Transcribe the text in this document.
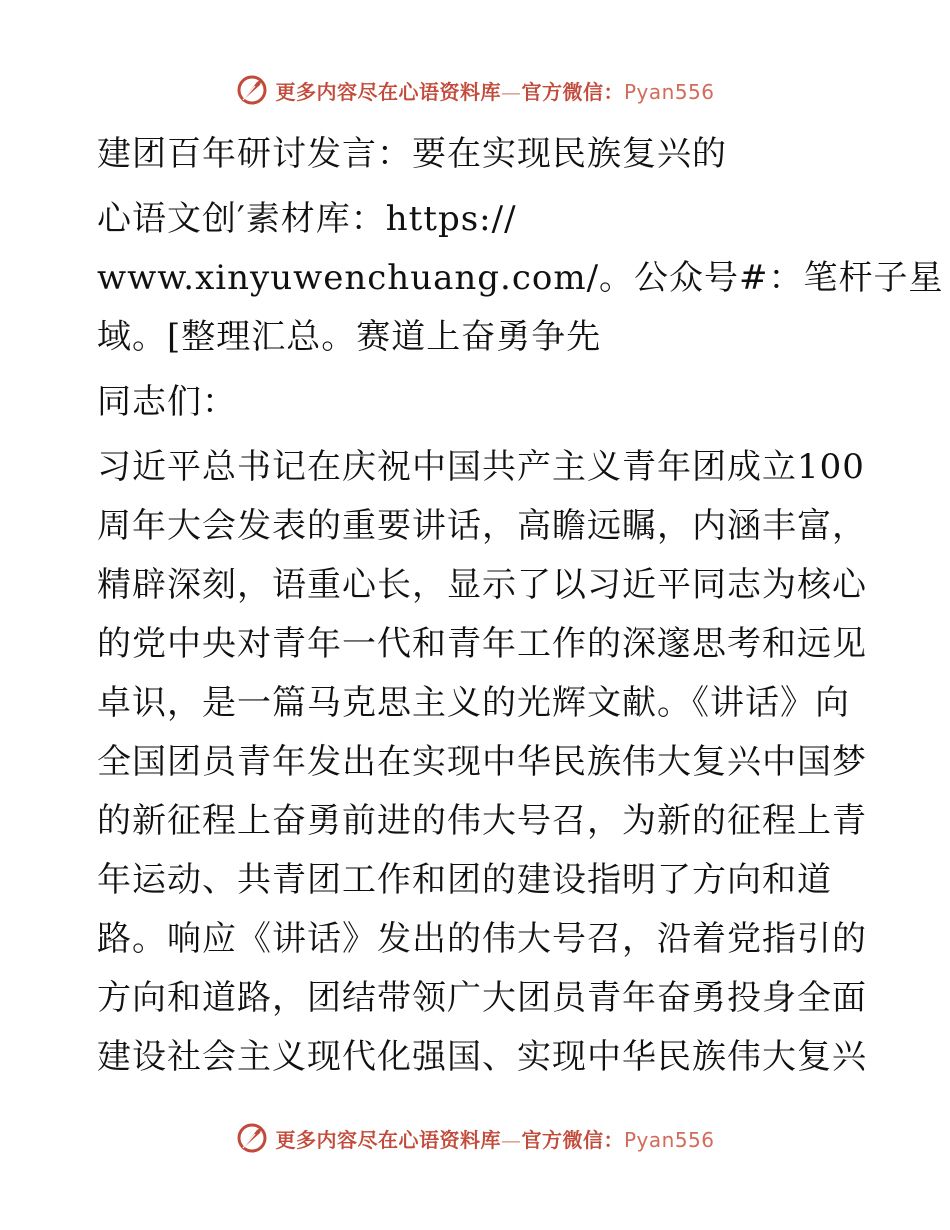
更多内容尽在心语资料库—官方微信：Pyan556
建团百年研讨发言：要在实现民族复兴的
心语文创′素材库：https://
www.xinyuwenchuang.com/。公众号#：笔杆子星
域。[整理汇总。赛道上奋勇争先
同志们：
习近平总书记在庆祝中国共产主义青年团成立100
周年大会发表的重要讲话，高瞻远瞩，内涵丰富，
精辟深刻，语重心长，显示了以习近平同志为核心
的党中央对青年一代和青年工作的深邃思考和远见
卓识，是一篇马克思主义的光辉文献。《讲话》向
全国团员青年发出在实现中华民族伟大复兴中国梦
的新征程上奋勇前进的伟大号召，为新的征程上青
年运动、共青团工作和团的建设指明了方向和道
路。响应《讲话》发出的伟大号召，沿着党指引的
方向和道路，团结带领广大团员青年奋勇投身全面
建设社会主义现代化强国、实现中华民族伟大复兴
更多内容尽在心语资料库—官方微信：Pyan556
